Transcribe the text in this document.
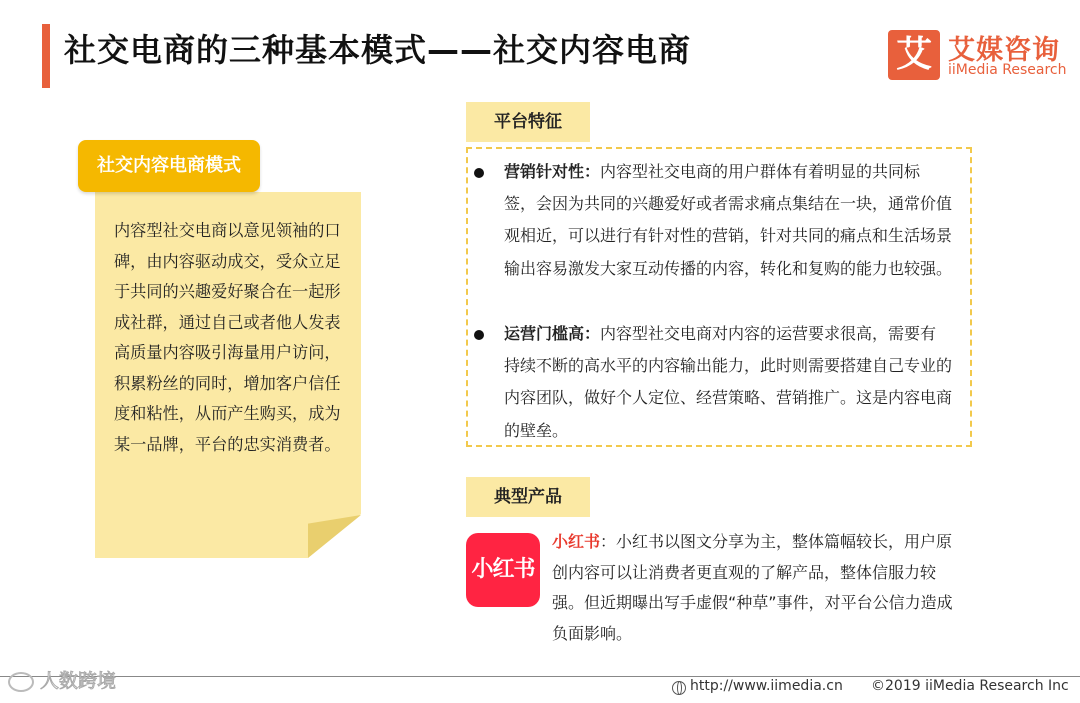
社交电商的三种基本模式——社交内容电商	艾 艾媒咨询
iiMedia Research
社交内容电商模式
内容型社交电商以意见领袖的口碑，由内容驱动成交，受众立足于共同的兴趣爱好聚合在一起形成社群，通过自己或者他人发表高质量内容吸引海量用户访问，积累粉丝的同时，增加客户信任度和粘性，从而产生购买，成为某一品牌，平台的忠实消费者。
平台特征
营销针对性：内容型社交电商的用户群体有着明显的共同标签，会因为共同的兴趣爱好或者需求痛点集结在一块，通常价值观相近，可以进行有针对性的营销，针对共同的痛点和生活场景输出容易激发大家互动传播的内容，转化和复购的能力也较强。
运营门槛高：内容型社交电商对内容的运营要求很高，需要有持续不断的高水平的内容输出能力，此时则需要搭建自己专业的内容团队，做好个人定位、经营策略、营销推广。这是内容电商的壁垒。
典型产品
小红书
小红书：小红书以图文分享为主，整体篇幅较长，用户原创内容可以让消费者更直观的了解产品，整体信服力较强。但近期曝出写手虚假“种草”事件，对平台公信力造成负面影响。
人数跨境	http://www.iimedia.cn ©2019 iiMedia Research Inc
